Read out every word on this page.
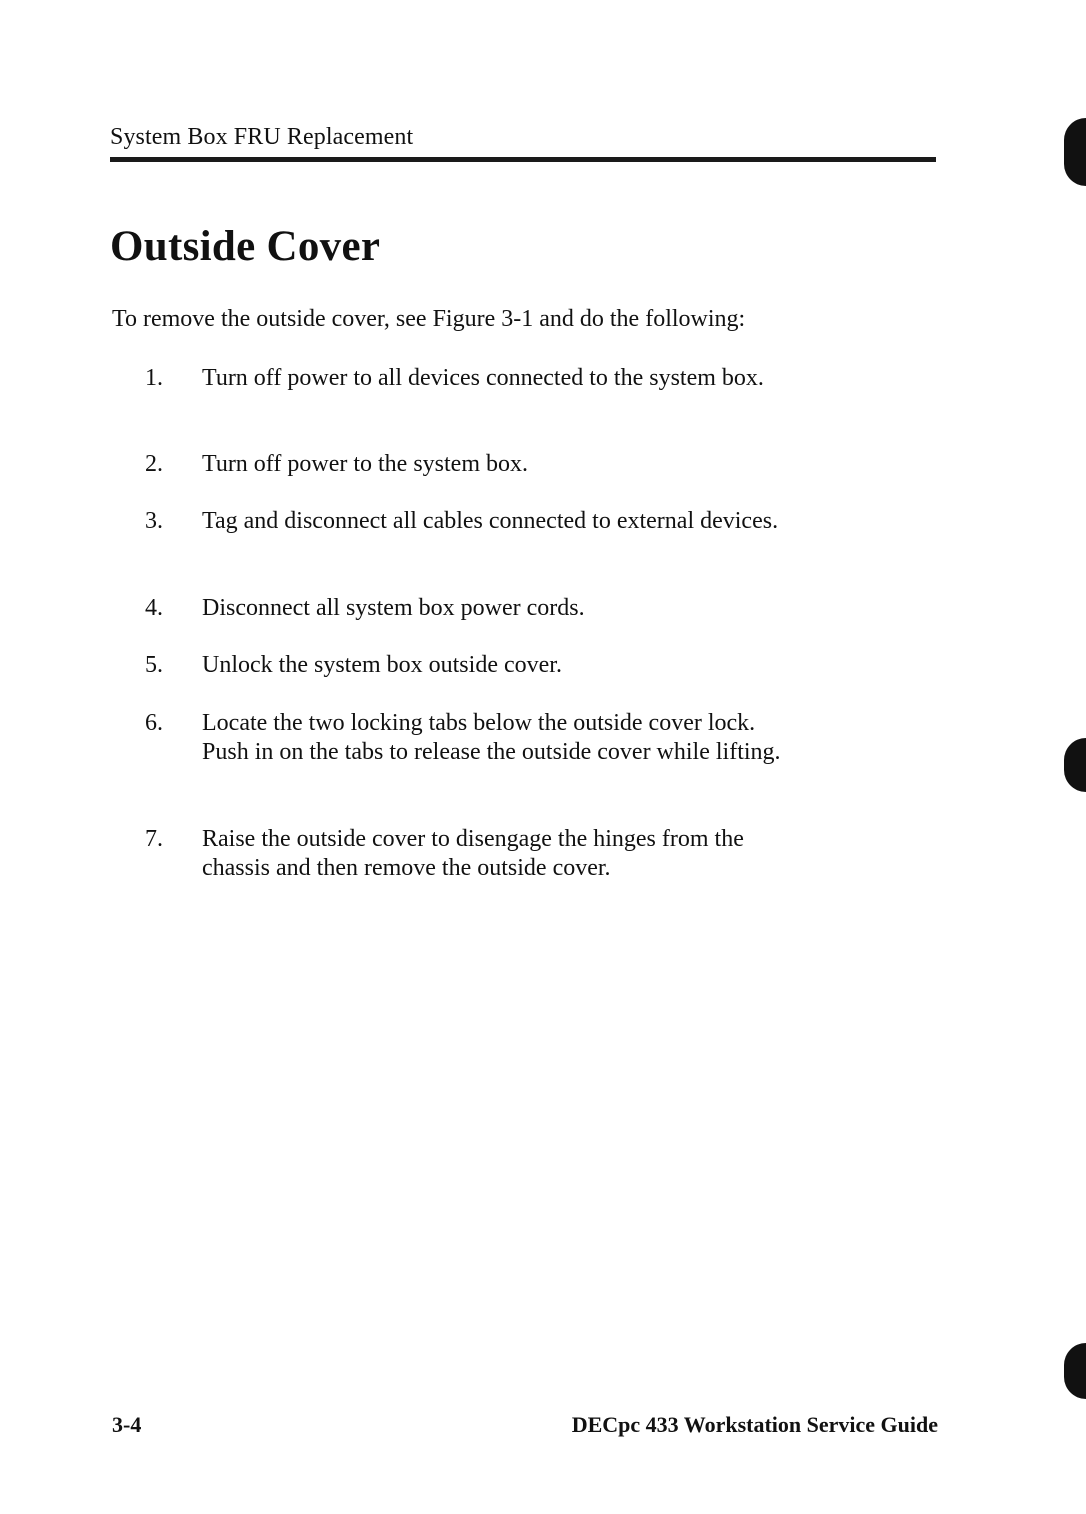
System Box FRU Replacement
Outside Cover

To remove the outside cover, see Figure 3-1 and do the following:

1. Turn off power to all devices connected to the system box.
2. Turn off power to the system box.
3. Tag and disconnect all cables connected to external devices.
4. Disconnect all system box power cords.
5. Unlock the system box outside cover.
6. Locate the two locking tabs below the outside cover lock. Push in on the tabs to release the outside cover while lifting.
7. Raise the outside cover to disengage the hinges from the chassis and then remove the outside cover.
3-4	DECpc 433 Workstation Service Guide
